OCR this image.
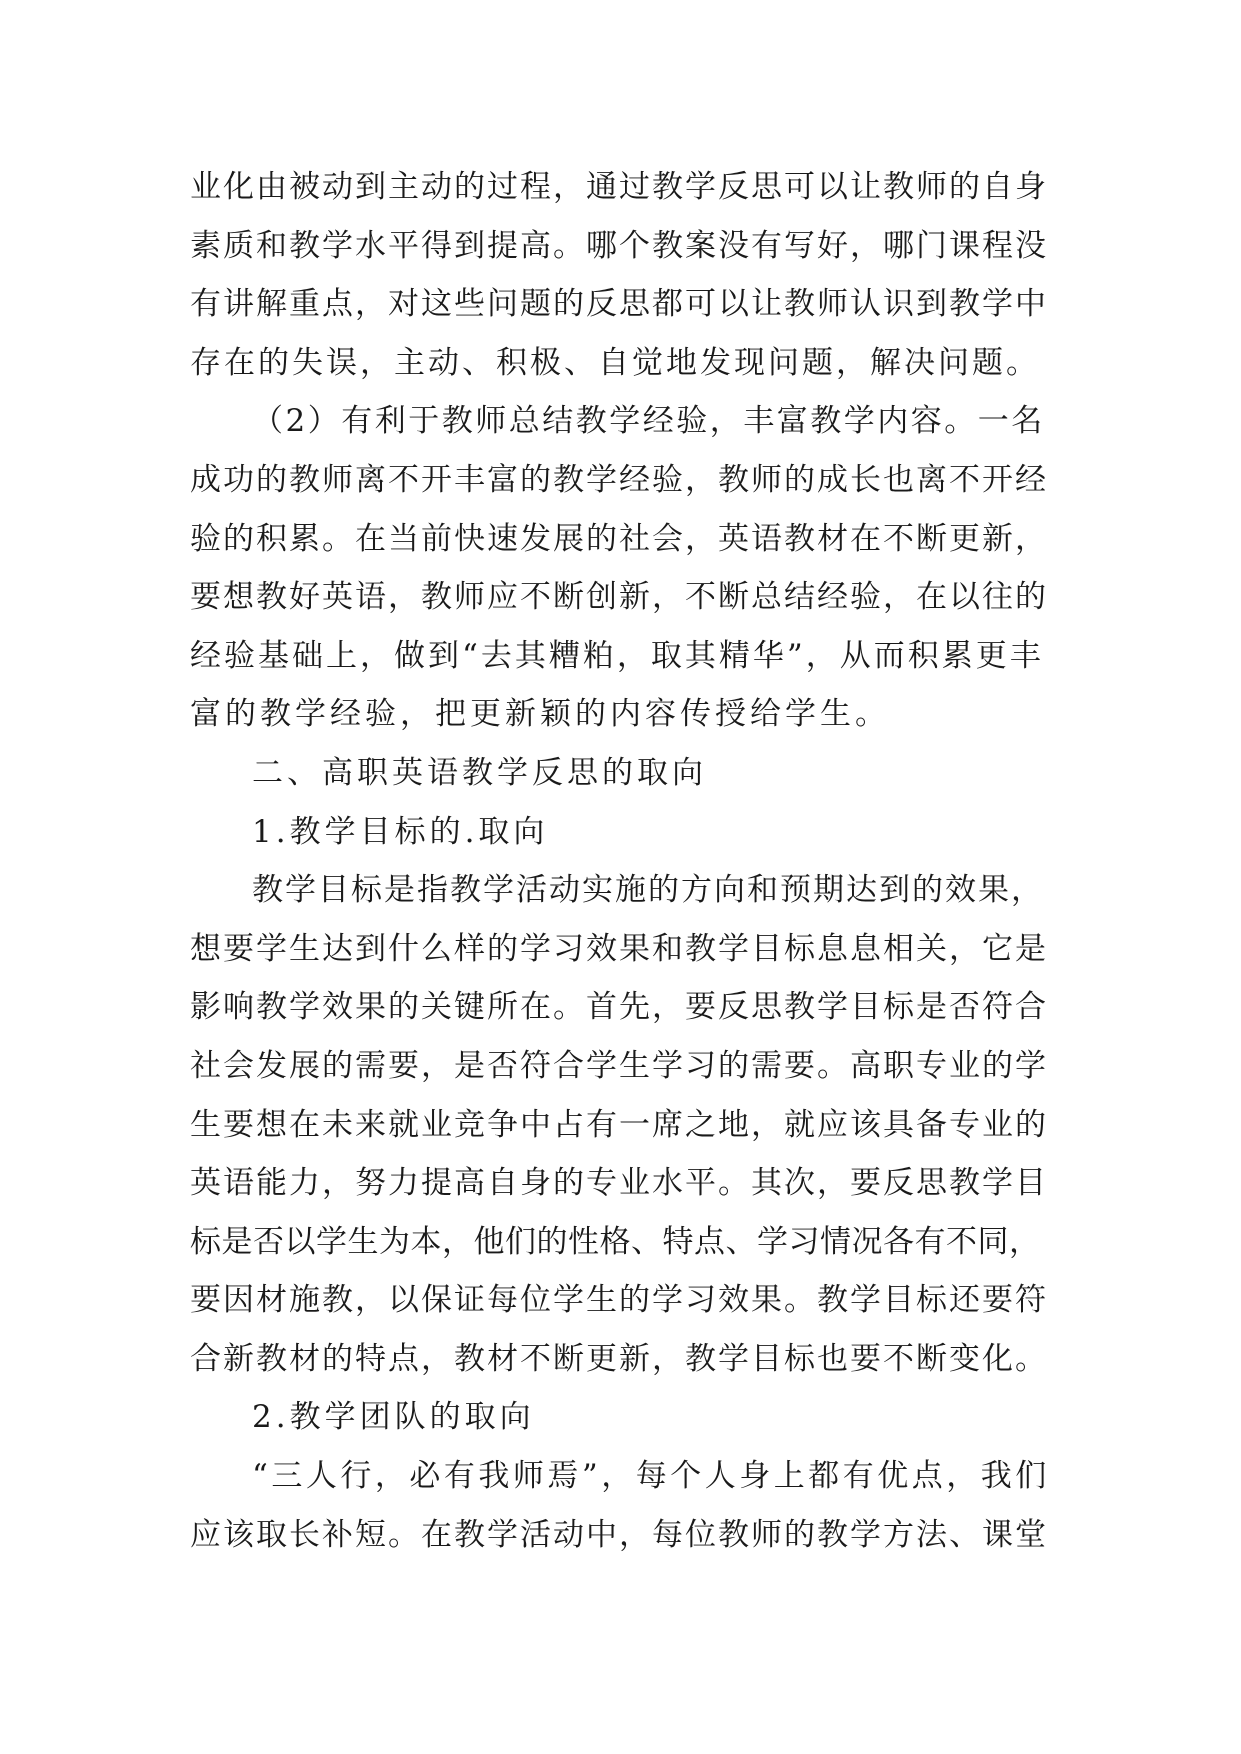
业化由被动到主动的过程，通过教学反思可以让教师的自身
素质和教学水平得到提高。哪个教案没有写好，哪门课程没
有讲解重点，对这些问题的反思都可以让教师认识到教学中
存在的失误，主动、积极、自觉地发现问题，解决问题。
（2）有利于教师总结教学经验，丰富教学内容。一名
成功的教师离不开丰富的教学经验，教师的成长也离不开经
验的积累。在当前快速发展的社会，英语教材在不断更新，
要想教好英语，教师应不断创新，不断总结经验，在以往的
经验基础上，做到“去其糟粕，取其精华”，从而积累更丰
富的教学经验，把更新颖的内容传授给学生。
二、高职英语教学反思的取向
1.教学目标的.取向
教学目标是指教学活动实施的方向和预期达到的效果，
想要学生达到什么样的学习效果和教学目标息息相关，它是
影响教学效果的关键所在。首先，要反思教学目标是否符合
社会发展的需要，是否符合学生学习的需要。高职专业的学
生要想在未来就业竞争中占有一席之地，就应该具备专业的
英语能力，努力提高自身的专业水平。其次，要反思教学目
标是否以学生为本，他们的性格、特点、学习情况各有不同，
要因材施教，以保证每位学生的学习效果。教学目标还要符
合新教材的特点，教材不断更新，教学目标也要不断变化。
2.教学团队的取向
“三人行，必有我师焉”，每个人身上都有优点，我们
应该取长补短。在教学活动中，每位教师的教学方法、课堂
